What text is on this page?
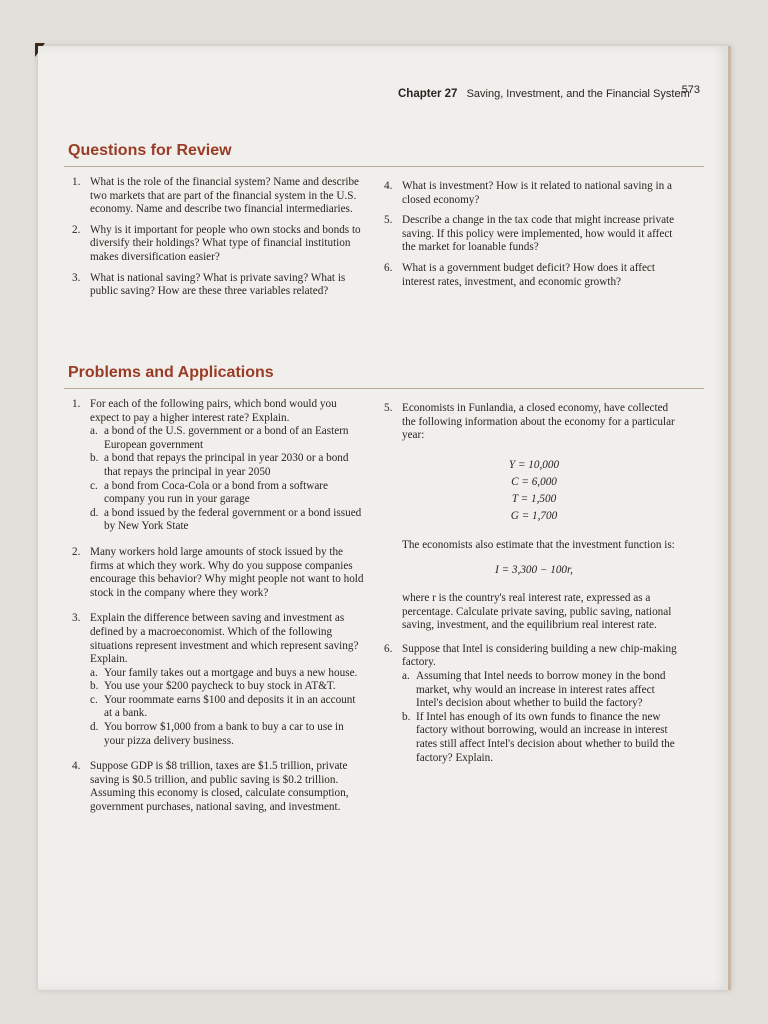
Chapter 27 Saving, Investment, and the Financial System
573
Questions for Review
1. What is the role of the financial system? Name and describe two markets that are part of the financial system in the U.S. economy. Name and describe two financial intermediaries.
2. Why is it important for people who own stocks and bonds to diversify their holdings? What type of financial institution makes diversification easier?
3. What is national saving? What is private saving? What is public saving? How are these three variables related?
4. What is investment? How is it related to national saving in a closed economy?
5. Describe a change in the tax code that might increase private saving. If this policy were implemented, how would it affect the market for loanable funds?
6. What is a government budget deficit? How does it affect interest rates, investment, and economic growth?
Problems and Applications
1. For each of the following pairs, which bond would you expect to pay a higher interest rate? Explain.
a. a bond of the U.S. government or a bond of an Eastern European government
b. a bond that repays the principal in year 2030 or a bond that repays the principal in year 2050
c. a bond from Coca-Cola or a bond from a software company you run in your garage
d. a bond issued by the federal government or a bond issued by New York State
2. Many workers hold large amounts of stock issued by the firms at which they work. Why do you suppose companies encourage this behavior? Why might people not want to hold stock in the company where they work?
3. Explain the difference between saving and investment as defined by a macroeconomist. Which of the following situations represent investment and which represent saving? Explain.
a. Your family takes out a mortgage and buys a new house.
b. You use your $200 paycheck to buy stock in AT&T.
c. Your roommate earns $100 and deposits it in an account at a bank.
d. You borrow $1,000 from a bank to buy a car to use in your pizza delivery business.
4. Suppose GDP is $8 trillion, taxes are $1.5 trillion, private saving is $0.5 trillion, and public saving is $0.2 trillion. Assuming this economy is closed, calculate consumption, government purchases, national saving, and investment.
5. Economists in Funlandia, a closed economy, have collected the following information about the economy for a particular year:
Y = 10,000
C = 6,000
T = 1,500
G = 1,700
The economists also estimate that the investment function is:
I = 3,300 − 100r,
where r is the country's real interest rate, expressed as a percentage. Calculate private saving, public saving, national saving, investment, and the equilibrium real interest rate.
6. Suppose that Intel is considering building a new chip-making factory.
a. Assuming that Intel needs to borrow money in the bond market, why would an increase in interest rates affect Intel's decision about whether to build the factory?
b. If Intel has enough of its own funds to finance the new factory without borrowing, would an increase in interest rates still affect Intel's decision about whether to build the factory? Explain.
